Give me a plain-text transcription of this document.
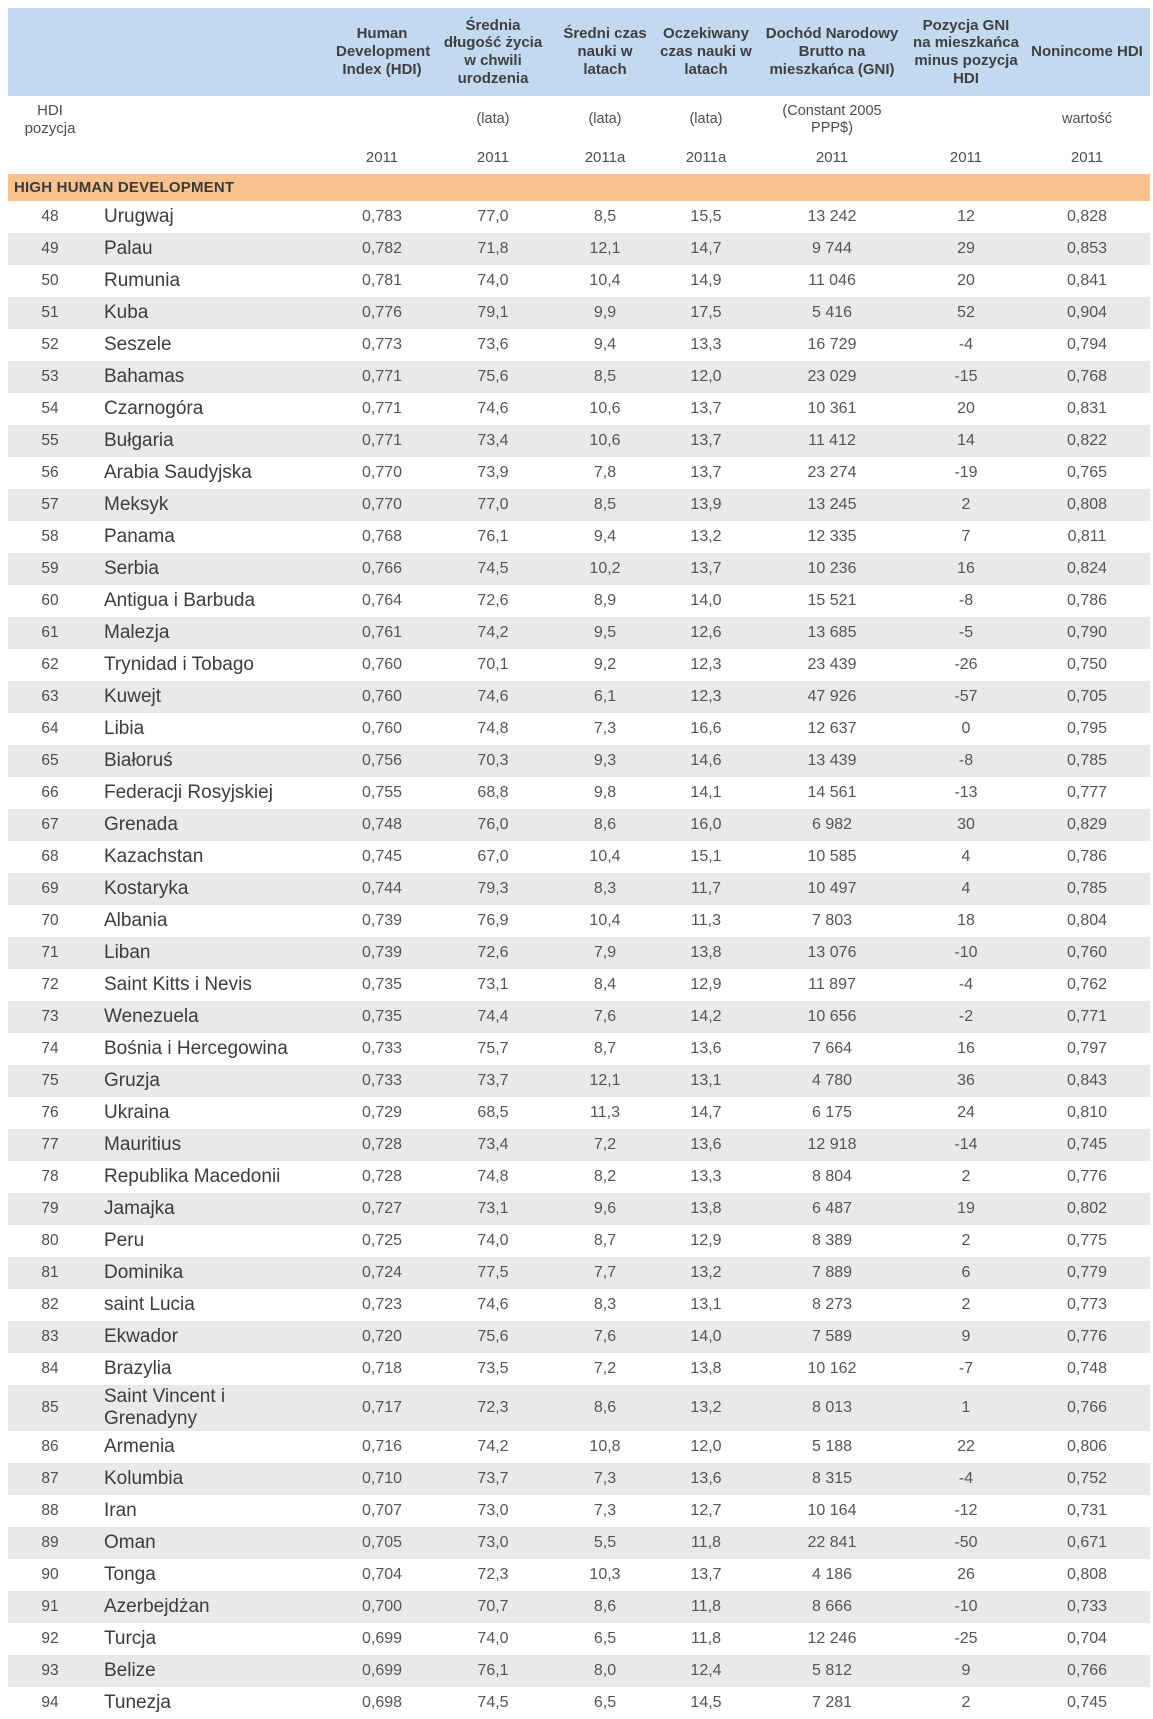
		Human Development Index (HDI)	Średnia długość życia w chwili urodzenia	Średni czas nauki w latach	Oczekiwany czas nauki w latach	Dochód Narodowy Brutto na mieszkańca (GNI)	Pozycja GNI na mieszkańca minus pozycja HDI	Nonincome HDI
HDI pozycja			(lata)	(lata)	(lata)	(Constant 2005 PPP$)		wartość
		2011	2011	2011a	2011a	2011	2011	2011
HIGH HUMAN DEVELOPMENT								
48	Urugwaj	0,783	77,0	8,5	15,5	13 242	12	0,828
49	Palau	0,782	71,8	12,1	14,7	9 744	29	0,853
50	Rumunia	0,781	74,0	10,4	14,9	11 046	20	0,841
51	Kuba	0,776	79,1	9,9	17,5	5 416	52	0,904
52	Seszele	0,773	73,6	9,4	13,3	16 729	-4	0,794
53	Bahamas	0,771	75,6	8,5	12,0	23 029	-15	0,768
54	Czarnogóra	0,771	74,6	10,6	13,7	10 361	20	0,831
55	Bułgaria	0,771	73,4	10,6	13,7	11 412	14	0,822
56	Arabia Saudyjska	0,770	73,9	7,8	13,7	23 274	-19	0,765
57	Meksyk	0,770	77,0	8,5	13,9	13 245	2	0,808
58	Panama	0,768	76,1	9,4	13,2	12 335	7	0,811
59	Serbia	0,766	74,5	10,2	13,7	10 236	16	0,824
60	Antigua i Barbuda	0,764	72,6	8,9	14,0	15 521	-8	0,786
61	Malezja	0,761	74,2	9,5	12,6	13 685	-5	0,790
62	Trynidad i Tobago	0,760	70,1	9,2	12,3	23 439	-26	0,750
63	Kuwejt	0,760	74,6	6,1	12,3	47 926	-57	0,705
64	Libia	0,760	74,8	7,3	16,6	12 637	0	0,795
65	Białoruś	0,756	70,3	9,3	14,6	13 439	-8	0,785
66	Federacji Rosyjskiej	0,755	68,8	9,8	14,1	14 561	-13	0,777
67	Grenada	0,748	76,0	8,6	16,0	6 982	30	0,829
68	Kazachstan	0,745	67,0	10,4	15,1	10 585	4	0,786
69	Kostaryka	0,744	79,3	8,3	11,7	10 497	4	0,785
70	Albania	0,739	76,9	10,4	11,3	7 803	18	0,804
71	Liban	0,739	72,6	7,9	13,8	13 076	-10	0,760
72	Saint Kitts i Nevis	0,735	73,1	8,4	12,9	11 897	-4	0,762
73	Wenezuela	0,735	74,4	7,6	14,2	10 656	-2	0,771
74	Bośnia i Hercegowina	0,733	75,7	8,7	13,6	7 664	16	0,797
75	Gruzja	0,733	73,7	12,1	13,1	4 780	36	0,843
76	Ukraina	0,729	68,5	11,3	14,7	6 175	24	0,810
77	Mauritius	0,728	73,4	7,2	13,6	12 918	-14	0,745
78	Republika Macedonii	0,728	74,8	8,2	13,3	8 804	2	0,776
79	Jamajka	0,727	73,1	9,6	13,8	6 487	19	0,802
80	Peru	0,725	74,0	8,7	12,9	8 389	2	0,775
81	Dominika	0,724	77,5	7,7	13,2	7 889	6	0,779
82	saint Lucia	0,723	74,6	8,3	13,1	8 273	2	0,773
83	Ekwador	0,720	75,6	7,6	14,0	7 589	9	0,776
84	Brazylia	0,718	73,5	7,2	13,8	10 162	-7	0,748
85	Saint Vincent i Grenadyny	0,717	72,3	8,6	13,2	8 013	1	0,766
86	Armenia	0,716	74,2	10,8	12,0	5 188	22	0,806
87	Kolumbia	0,710	73,7	7,3	13,6	8 315	-4	0,752
88	Iran	0,707	73,0	7,3	12,7	10 164	-12	0,731
89	Oman	0,705	73,0	5,5	11,8	22 841	-50	0,671
90	Tonga	0,704	72,3	10,3	13,7	4 186	26	0,808
91	Azerbejdżan	0,700	70,7	8,6	11,8	8 666	-10	0,733
92	Turcja	0,699	74,0	6,5	11,8	12 246	-25	0,704
93	Belize	0,699	76,1	8,0	12,4	5 812	9	0,766
94	Tunezja	0,698	74,5	6,5	14,5	7 281	2	0,745
